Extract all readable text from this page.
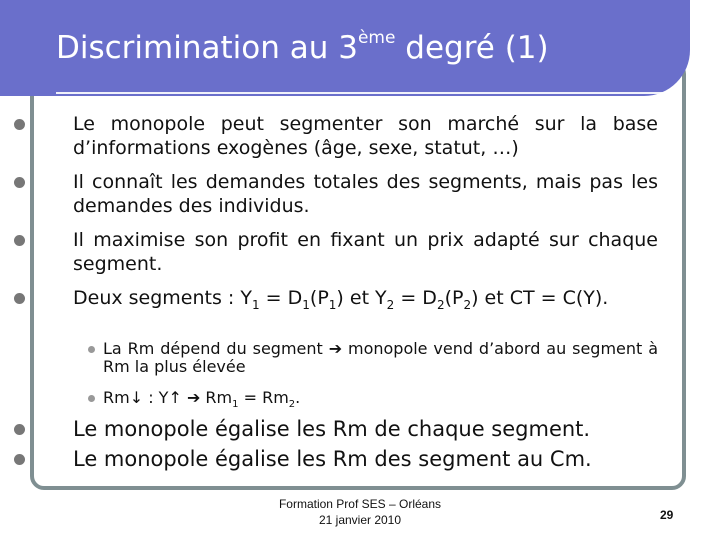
Discrimination au 3ème degré (1)
Le monopole peut segmenter son marché sur la base d’informations exogènes (âge, sexe, statut, …)
Il connaît les demandes totales des segments, mais pas les demandes des individus.
Il maximise son profit en fixant un prix adapté sur chaque segment.
Deux segments : $Y_1 = D_1(P_1)$ et $Y_2 = D_2(P_2)$ et CT = C(Y).
La Rm dépend du segment ➔ monopole vend d’abord au segment à Rm la plus élevée
Rm↓ : Y↑ ➔ $Rm_1 = Rm_2$.
Le monopole égalise les Rm de chaque segment.
Le monopole égalise les Rm des segment au Cm.
Formation Prof SES – Orléans
21 janvier 2010	29
